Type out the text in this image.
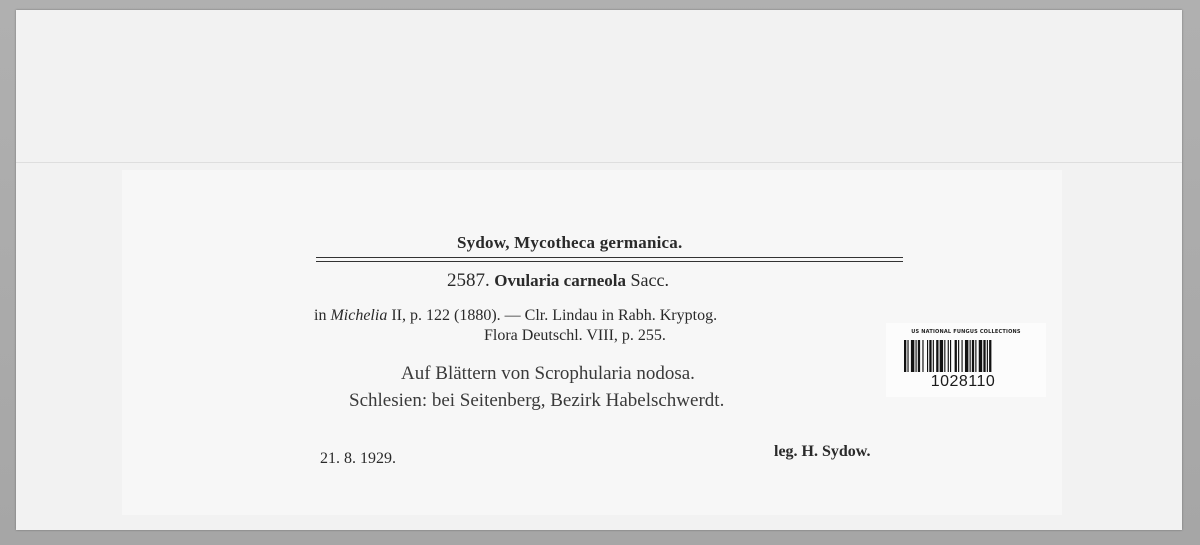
Sydow, Mycotheca germanica.
2587. Ovularia carneola Sacc.
in Michelia II, p. 122 (1880). — Clr. Lindau in Rabh. Kryptog.
Flora Deutschl. VIII, p. 255.
Auf Blättern von Scrophularia nodosa.
Schlesien: bei Seitenberg, Bezirk Habelschwerdt.
21. 8. 1929.	leg. H. Sydow.
US NATIONAL FUNGUS COLLECTIONS
1028110
